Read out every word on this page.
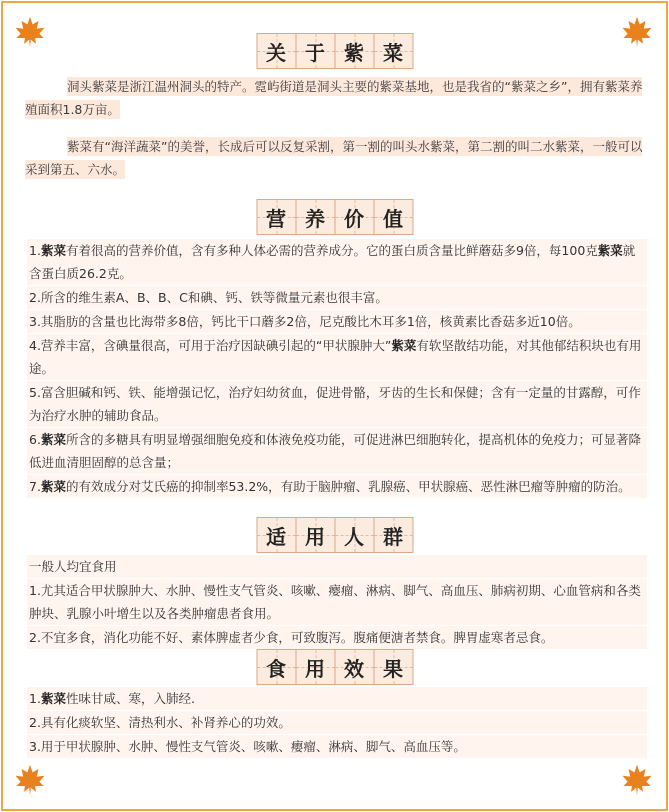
关 于 紫 菜
洞头紫菜是浙江温州洞头的特产。霓屿街道是洞头主要的紫菜基地，也是我省的“紫菜之乡”，拥有紫菜养殖面积1.8万亩。
紫菜有“海洋蔬菜”的美誉，长成后可以反复采割，第一割的叫头水紫菜，第二割的叫二水紫菜，一般可以采到第五、六水。
营 养 价 值
1.紫菜有着很高的营养价值，含有多种人体必需的营养成分。它的蛋白质含量比鲜蘑菇多9倍，每100克紫菜就含蛋白质26.2克。
2.所含的维生素A、B、B、C和碘、钙、铁等微量元素也很丰富。
3.其脂肪的含量也比海带多8倍，钙比干口蘑多2倍，尼克酸比木耳多1倍，核黄素比香菇多近10倍。
4.营养丰富，含碘量很高，可用于治疗因缺碘引起的“甲状腺肿大”紫菜有软坚散结功能，对其他郁结积块也有用途。
5.富含胆碱和钙、铁、能增强记忆，治疗妇幼贫血，促进骨骼，牙齿的生长和保健；含有一定量的甘露醇，可作为治疗水肿的辅助食品。
6.紫菜所含的多糖具有明显增强细胞免疫和体液免疫功能，可促进淋巴细胞转化，提高机体的免疫力；可显著降低进血清胆固醇的总含量；
7.紫菜的有效成分对艾氏癌的抑制率53.2%，有助于脑肿瘤、乳腺癌、甲状腺癌、恶性淋巴瘤等肿瘤的防治。
适 用 人 群
一般人均宜食用
1.尤其适合甲状腺肿大、水肿、慢性支气管炎、咳嗽、瘿瘤、淋病、脚气、高血压、肺病初期、心血管病和各类肿块、乳腺小叶增生以及各类肿瘤患者食用。
2.不宜多食，消化功能不好、素体脾虚者少食，可致腹泻。腹痛便溏者禁食。脾胃虚寒者忌食。
食 用 效 果
1.紫菜性味甘咸、寒，入肺经.
2.具有化痰软坚、清热利水、补肾养心的功效。
3.用于甲状腺肿、水肿、慢性支气管炎、咳嗽、瘿瘤、淋病、脚气、高血压等。
